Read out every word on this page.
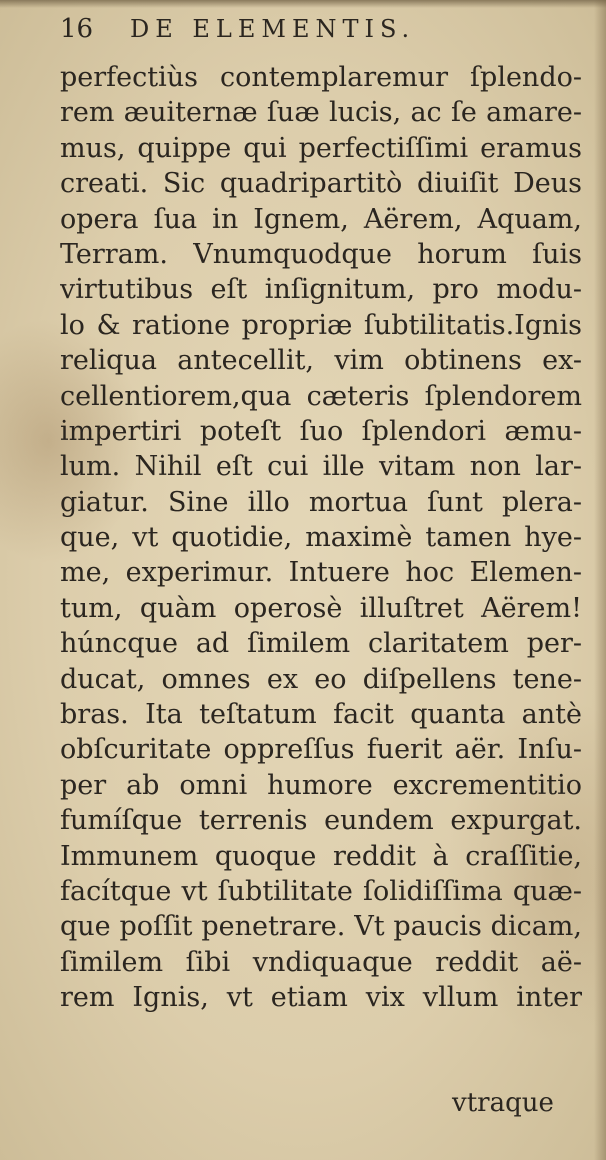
16	DE ELEMENTIS.
perfectiùs contemplaremur ſplendo-
rem æuiternæ ſuæ lucis, ac ſe amare-
mus, quippe qui perfectiſſimi eramus
creati. Sic quadripartitò diuiſit Deus
opera ſua in Ignem, Aërem, Aquam,
Terram. Vnumquodque horum ſuis
virtutibus eſt inſignitum, pro modu-
lo & ratione propriæ ſubtilitatis.Ignis
reliqua antecellit, vim obtinens ex-
cellentiorem,qua cæteris ſplendorem
impertiri poteſt ſuo ſplendori æmu-
lum. Nihil eſt cui ille vitam non lar-
giatur. Sine illo mortua ſunt plera-
que, vt quotidie, maximè tamen hye-
me, experimur. Intuere hoc Elemen-
tum, quàm operosè illuſtret Aërem!
húncque ad ſimilem claritatem per-
ducat, omnes ex eo diſpellens tene-
bras. Ita teſtatum facit quanta antè
obſcuritate oppreſſus fuerit aër. Inſu-
per ab omni humore excrementitio
fumíſque terrenis eundem expurgat.
Immunem quoque reddit à craſſitie,
facítque vt ſubtilitate ſolidiſſima quæ-
que poſſit penetrare. Vt paucis dicam,
ſimilem ſibi vndiquaque reddit aë-
rem Ignis, vt etiam vix vllum inter
vtraque
